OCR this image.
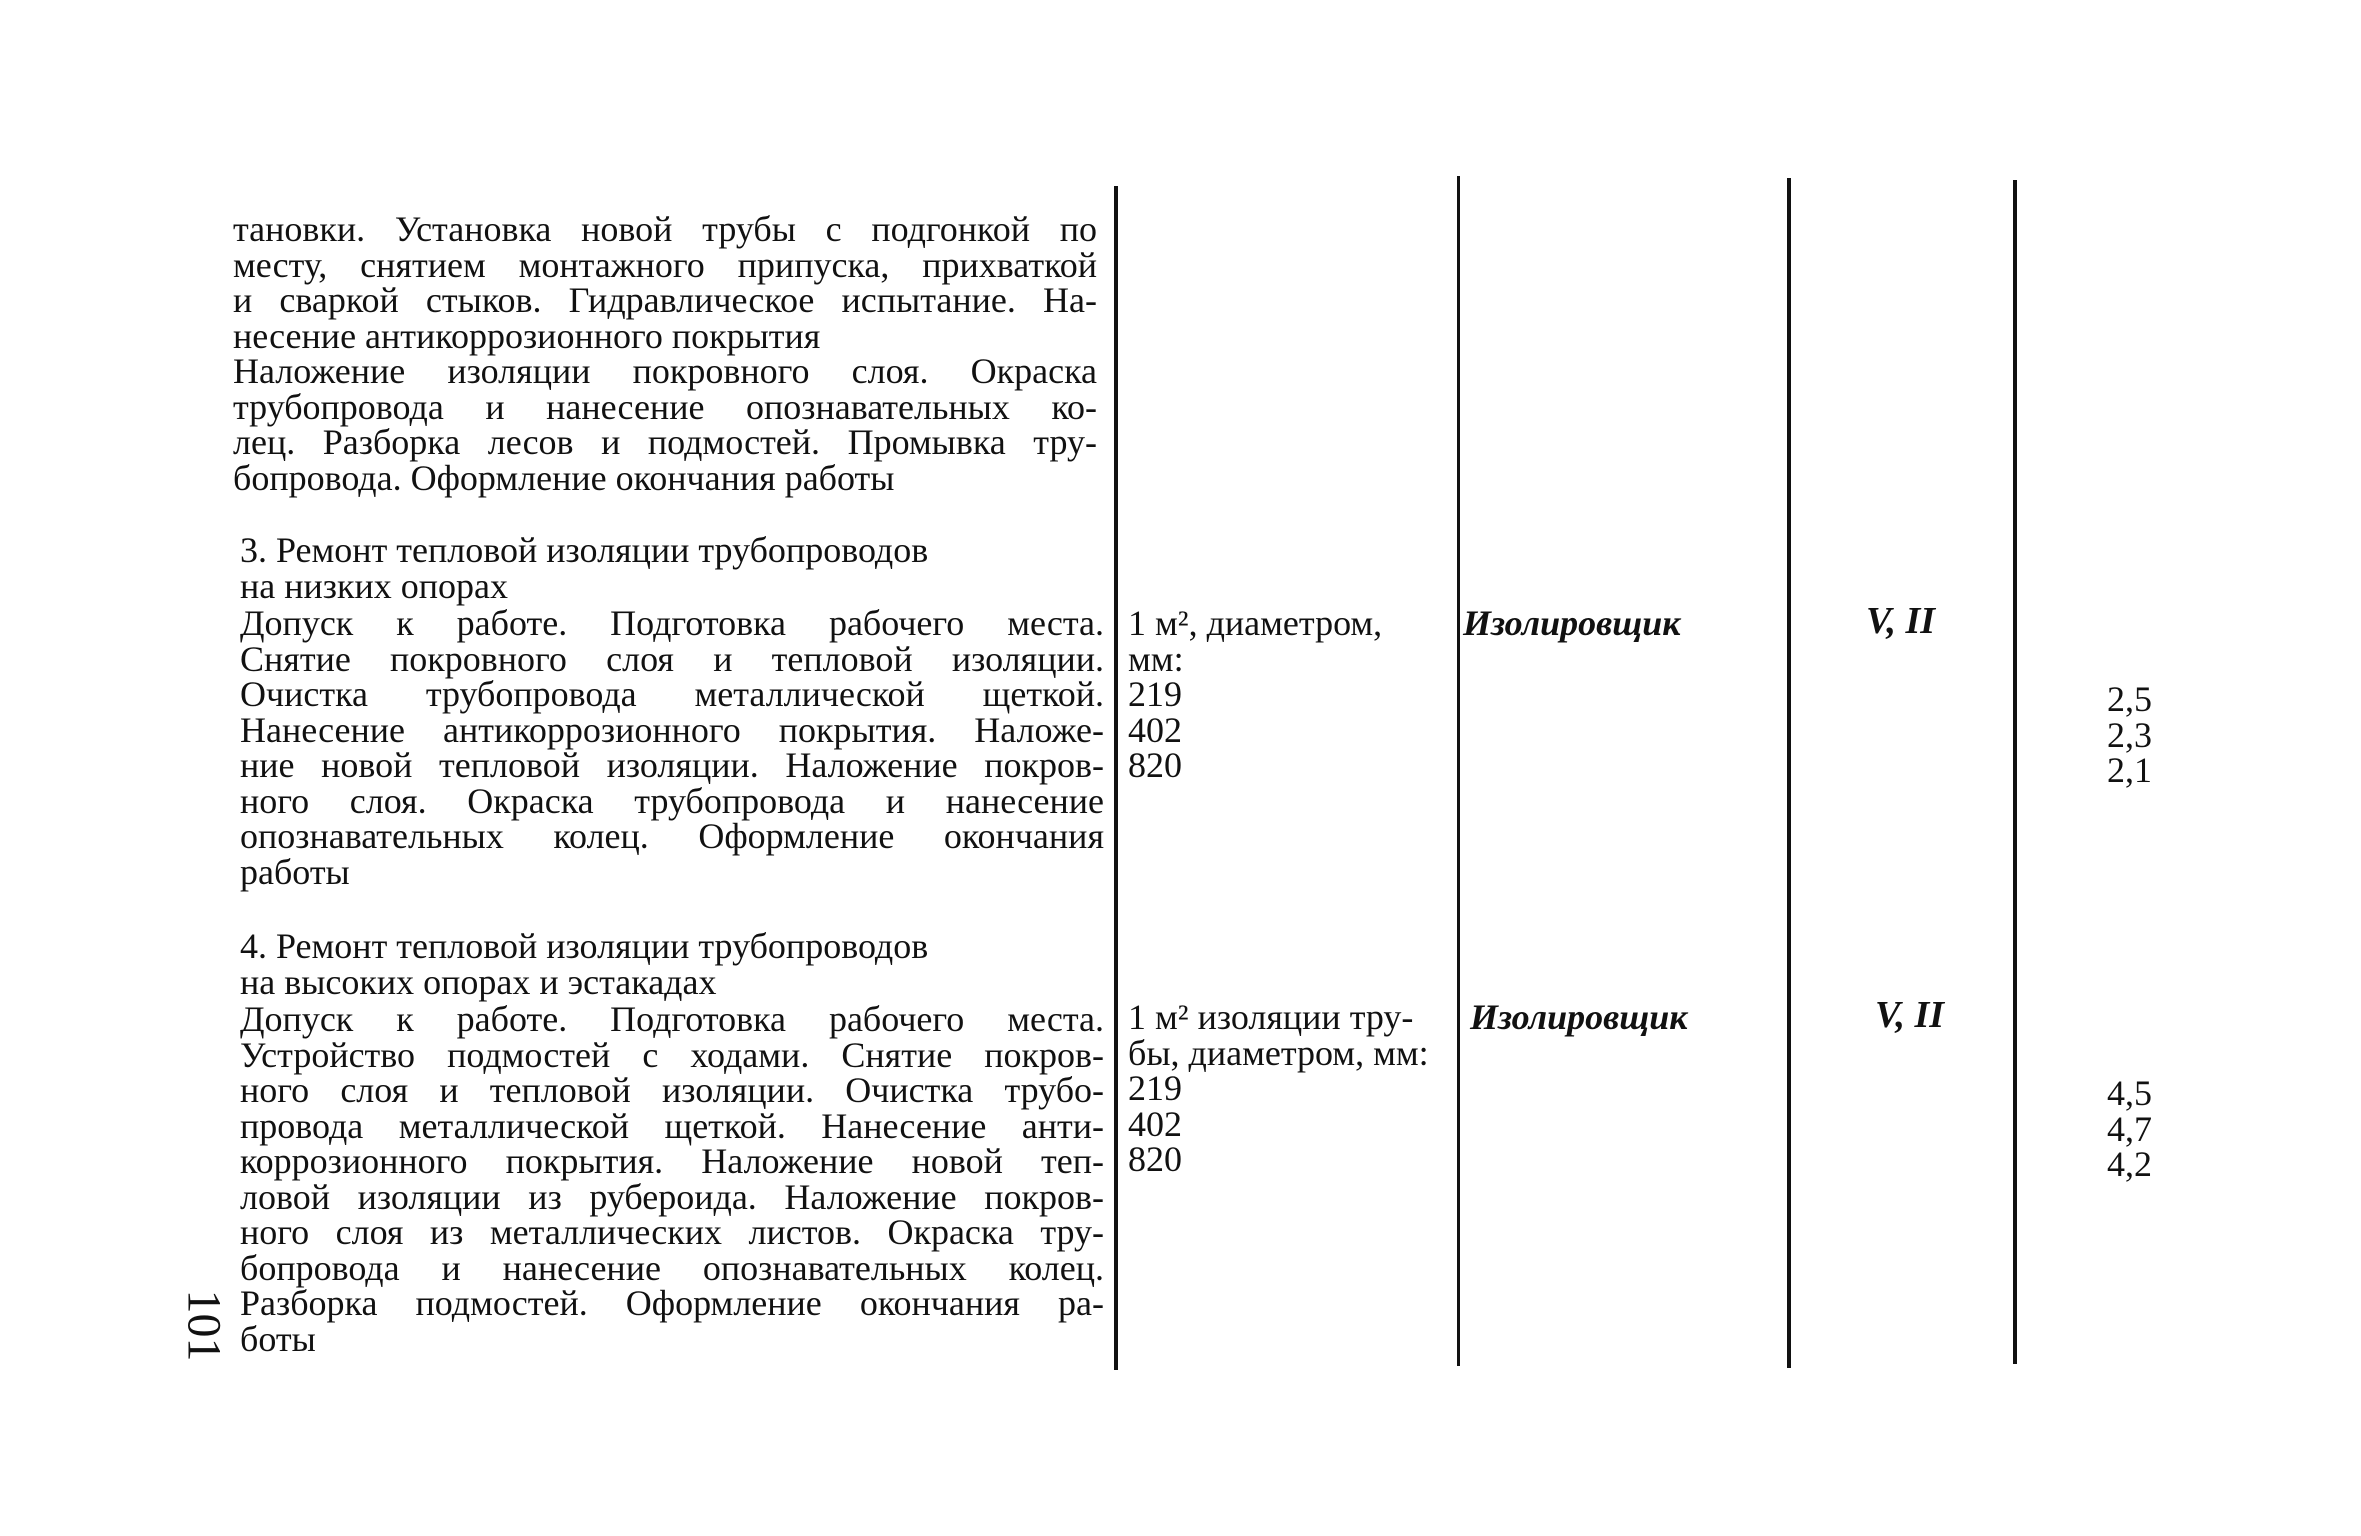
тановки. Установка новой трубы с подгонкой по
месту, снятием монтажного припуска, прихваткой
и сваркой стыков. Гидравлическое испытание. На-
несение антикоррозионного покрытия
Наложение изоляции покровного слоя. Окраска
трубопровода и нанесение опознавательных ко-
лец. Разборка лесов и подмостей. Промывка тру-
бопровода. Оформление окончания работы
3. Ремонт тепловой изоляции трубопроводов
на низких опорах
Допуск к работе. Подготовка рабочего места.
Снятие покровного слоя и тепловой изоляции.
Очистка трубопровода металлической щеткой.
Нанесение антикоррозионного покрытия. Наложе-
ние новой тепловой изоляции. Наложение покров-
ного слоя. Окраска трубопровода и нанесение
опознавательных колец. Оформление окончания
работы
1 м², диаметром,
мм:
219
402
820
Изолировщик	V, II
2,5
2,3
2,1
4. Ремонт тепловой изоляции трубопроводов
на высоких опорах и эстакадах
Допуск к работе. Подготовка рабочего места.
Устройство подмостей с ходами. Снятие покров-
ного слоя и тепловой изоляции. Очистка трубо-
провода металлической щеткой. Нанесение анти-
коррозионного покрытия. Наложение новой теп-
ловой изоляции из рубероида. Наложение покров-
ного слоя из металлических листов. Окраска тру-
бопровода и нанесение опознавательных колец.
Разборка подмостей. Оформление окончания ра-
боты
1 м² изоляции тру-
бы, диаметром, мм:
219
402
820
Изолировщик	V, II
4,5
4,7
4,2
101
